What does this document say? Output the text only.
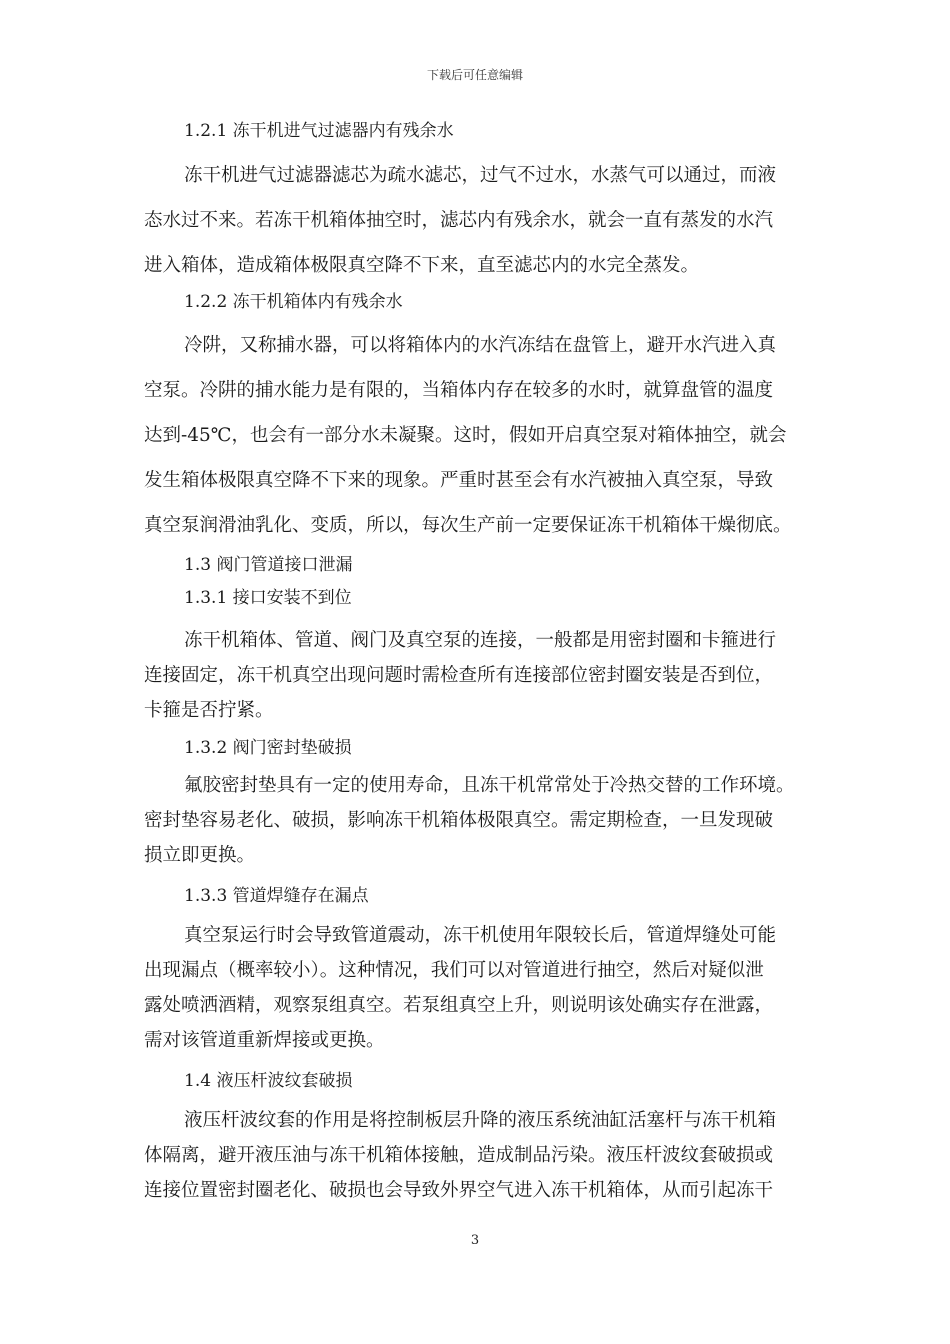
下载后可任意编辑
1.2.1 冻干机进气过滤器内有残余水
冻干机进气过滤器滤芯为疏水滤芯，过气不过水，水蒸气可以通过，而液
态水过不来。若冻干机箱体抽空时，滤芯内有残余水，就会一直有蒸发的水汽
进入箱体，造成箱体极限真空降不下来，直至滤芯内的水完全蒸发。
1.2.2 冻干机箱体内有残余水
冷阱，又称捕水器，可以将箱体内的水汽冻结在盘管上，避开水汽进入真
空泵。冷阱的捕水能力是有限的，当箱体内存在较多的水时，就算盘管的温度
达到-45℃，也会有一部分水未凝聚。这时，假如开启真空泵对箱体抽空，就会
发生箱体极限真空降不下来的现象。严重时甚至会有水汽被抽入真空泵，导致
真空泵润滑油乳化、变质，所以，每次生产前一定要保证冻干机箱体干燥彻底。
1.3 阀门管道接口泄漏
1.3.1 接口安装不到位
冻干机箱体、管道、阀门及真空泵的连接，一般都是用密封圈和卡箍进行
连接固定，冻干机真空出现问题时需检查所有连接部位密封圈安装是否到位，
卡箍是否拧紧。
1.3.2 阀门密封垫破损
氟胶密封垫具有一定的使用寿命，且冻干机常常处于冷热交替的工作环境。
密封垫容易老化、破损，影响冻干机箱体极限真空。需定期检查，一旦发现破
损立即更换。
1.3.3 管道焊缝存在漏点
真空泵运行时会导致管道震动，冻干机使用年限较长后，管道焊缝处可能
出现漏点（概率较小）。这种情况，我们可以对管道进行抽空，然后对疑似泄
露处喷洒酒精，观察泵组真空。若泵组真空上升，则说明该处确实存在泄露，
需对该管道重新焊接或更换。
1.4 液压杆波纹套破损
液压杆波纹套的作用是将控制板层升降的液压系统油缸活塞杆与冻干机箱
体隔离，避开液压油与冻干机箱体接触，造成制品污染。液压杆波纹套破损或
连接位置密封圈老化、破损也会导致外界空气进入冻干机箱体，从而引起冻干
3
